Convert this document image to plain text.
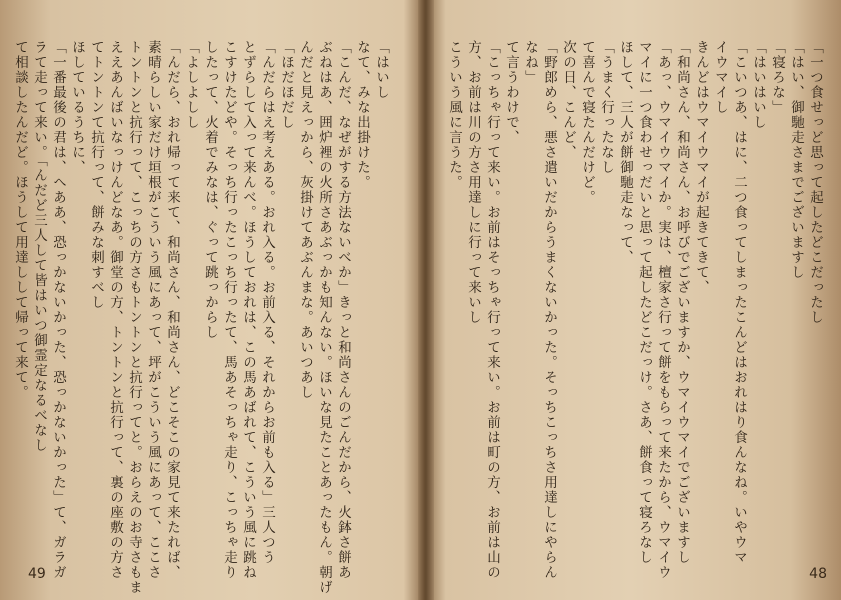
「はいし
なて、みな出掛けた。
「こんだ、なぜがする方法ないべか」きっと和尚さんのごんだから、火鉢さ餅あ
ぶねはあ、囲炉裡の火所さあぶっかも知んない。ほいな見たことあったもん。朝げ
んだと見えっから、灰掛けてあぶんまな。あいつあし
「ほだほだし
「んだらはえ考えある。おれ入る。お前入る、それからお前も入る」三人つう
とずらして入って来んべ。ほうしておれは、この馬あばれて、こういう風に跳ね
こすけたどや。そっち行ったこっち行ったて、馬あそっちゃ走り、こっちゃ走り
したって、火着でみなは、ぐって跳っからし
「よしよしし
「んだら、おれ帰って来て、和尚さん、和尚さん、どこそこの家見て来たれば、
素晴らしい家だけ垣根がこういう風にあって、坪がこういう風にあって、ここさ
トントンと抗行って、こっちの方さもトントンと抗行ってと。おらえのお寺さもま
ええあんばいなっけんどなあ。御堂の方、トントンと抗行って、裏の座敷の方さ
てトントンて抗行って、餅みな刺すべし
ほしているうちに、
「一番最後の君は、へああ、恐っかないかった、恐っかないかった」て、ガラガ
ラて走って来い。「んだど三人して皆はいつ御霊定なるべなし
て相談したんだど。ほうして用達しして帰って来て。
49
「一つ食せっど思って起したどこだったし
「はい、御馳走さまでございますし
「寝ろな」
「はいはいし
「こいつあ、はに、二つ食ってしまったこんどはおれはり食んなね。いやウマ
イウマイし
きんどはウマイウマイが起きてきて、
「和尚さん、和尚さん、お呼びでございますか、ウマイウマイでございますし
「あっ、ウマイウマイか。実は、檀家さ行って餅をもらって来たから、ウマイウ
マイに一つ食わせっだいと思って起したどこだっけ。さあ、餅食って寝ろなし
ほして、三人が餅御馳走なって、
「うまく行ったなし
て喜んで寝たんだけど。
次の日、こんど、
「野郎めら、悪さ遣いだからうまくないかった。そっちこっちさ用達しにやらん
なね」
て言うわけで、
「こっちゃ行って来い。お前はそっちゃ行って来い。お前は町の方、お前は山の
方、お前は川の方さ用達しに行って来いし
こういう風に言うた。
48
